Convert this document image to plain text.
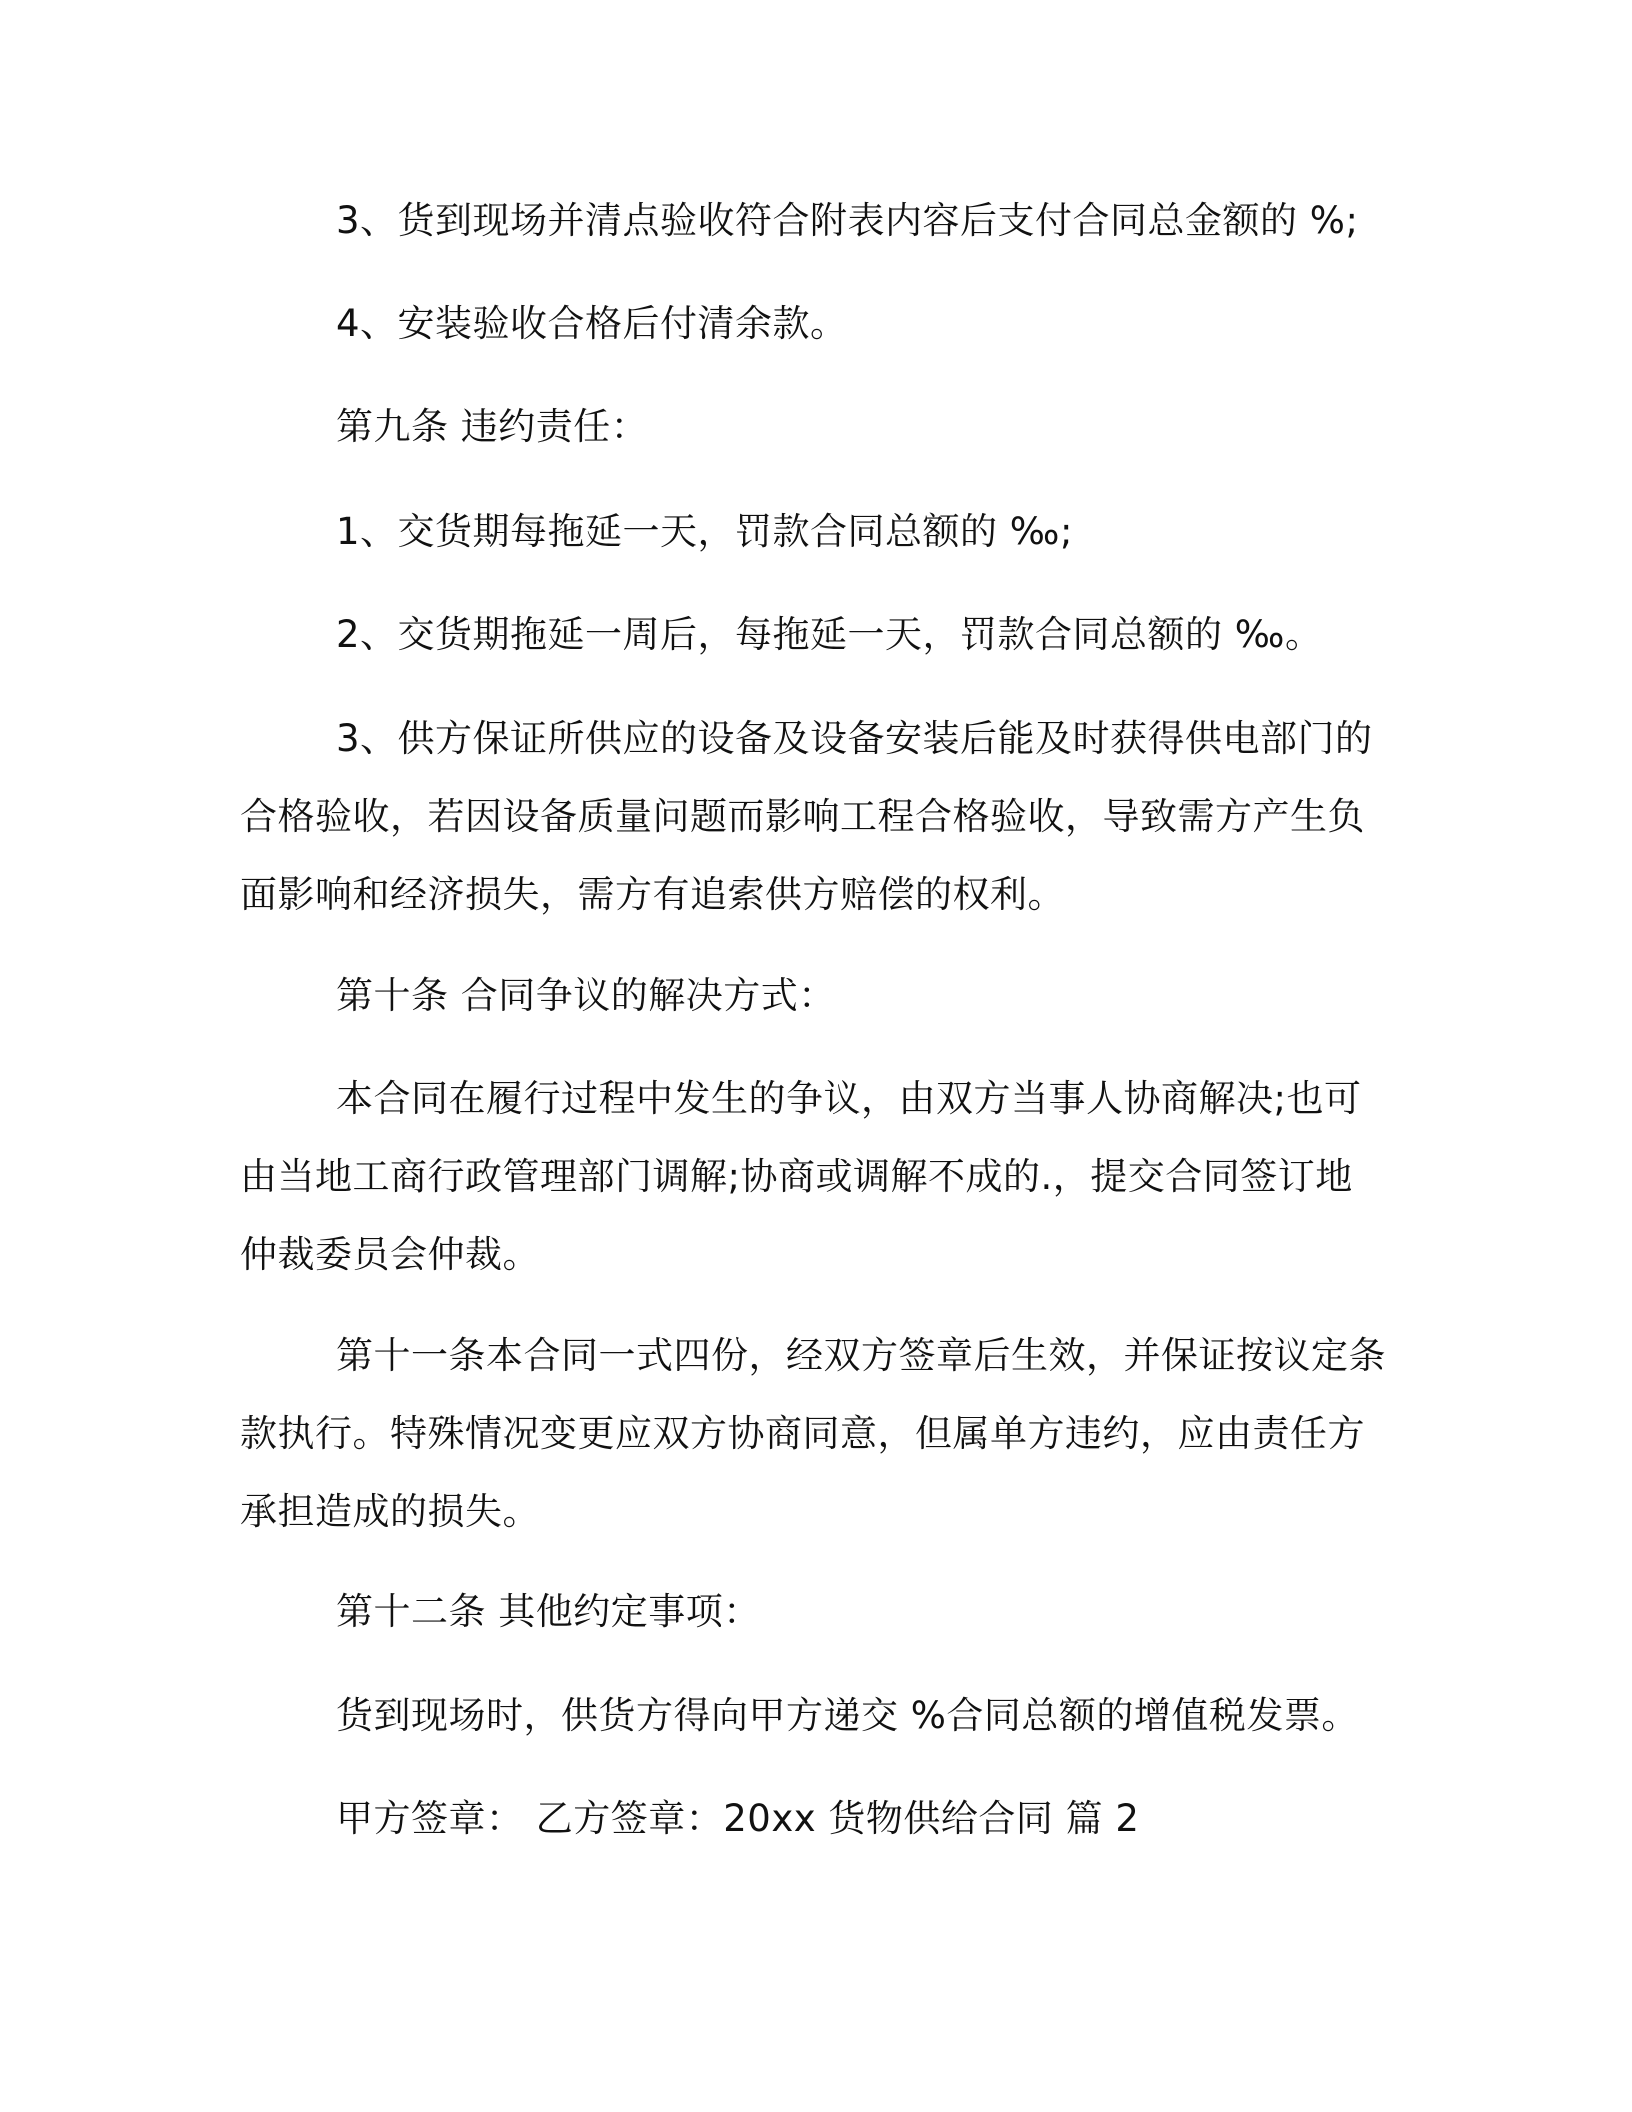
3、货到现场并清点验收符合附表内容后支付合同总金额的 %;

4、安装验收合格后付清余款。

第九条 违约责任：

1、交货期每拖延一天，罚款合同总额的 ‰;

2、交货期拖延一周后，每拖延一天，罚款合同总额的 ‰。

3、供方保证所供应的设备及设备安装后能及时获得供电部门的合格验收，若因设备质量问题而影响工程合格验收，导致需方产生负面影响和经济损失，需方有追索供方赔偿的权利。

第十条 合同争议的解决方式：

本合同在履行过程中发生的争议，由双方当事人协商解决;也可由当地工商行政管理部门调解;协商或调解不成的.，提交合同签订地仲裁委员会仲裁。

第十一条本合同一式四份，经双方签章后生效，并保证按议定条款执行。特殊情况变更应双方协商同意，但属单方违约，应由责任方承担造成的损失。

第十二条 其他约定事项：

货到现场时，供货方得向甲方递交 %合同总额的增值税发票。

甲方签章： 乙方签章：20xx 货物供给合同 篇 2
